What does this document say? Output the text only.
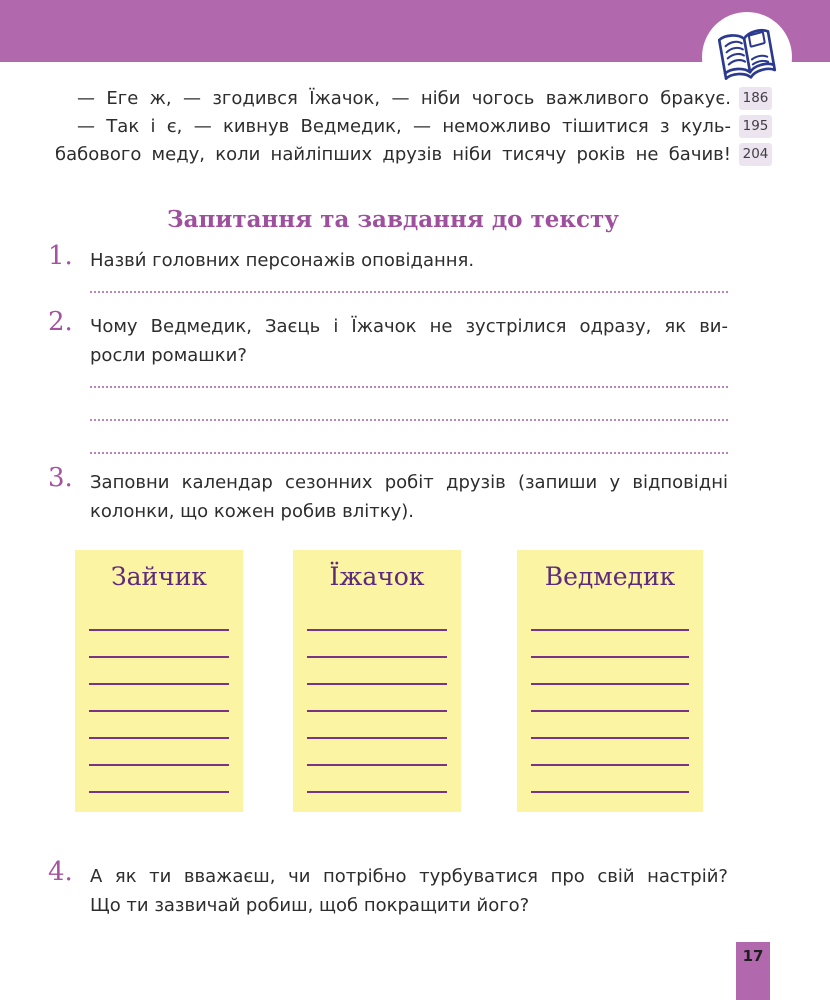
— Еге ж, — згодився Їжачок, — ніби чогось важливого бракує. 186
— Так і є, — кивнув Ведмедик, — неможливо тішитися з куль- 195
бабового меду, коли найліпших друзів ніби тисячу років не бачив! 204
Запитання та завдання до тексту
1. Назви́ головних персонажів оповідання.
2. Чому Ведмедик, Заєць і Їжачок не зустрілися одразу, як ви-
росли ромашки?
3. Заповни календар сезонних робіт друзів (запиши у відповідні
колонки, що кожен робив влітку).
Зайчик	Їжачок	Ведмедик
4. А як ти вважаєш, чи потрібно турбуватися про свій настрій?
Що ти зазвичай робиш, щоб покращити його?
17
